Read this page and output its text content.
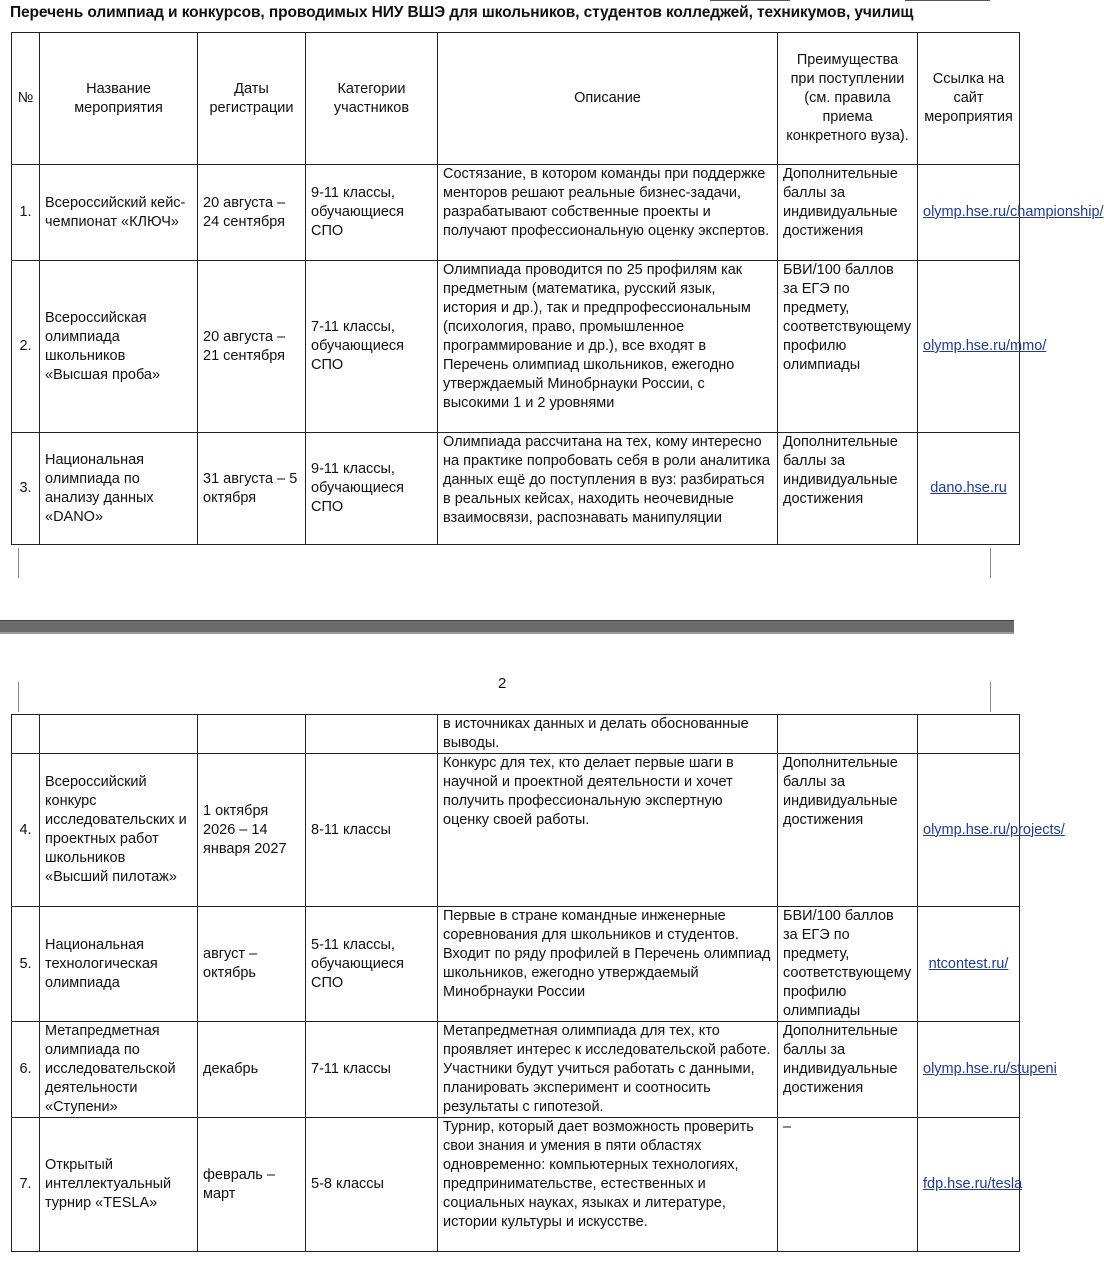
Перечень олимпиад и конкурсов, проводимых НИУ ВШЭ для школьников, студентов колледжей, техникумов, училищ
№	Название мероприятия	Даты регистрации	Категории участников	Описание	Преимущества при поступлении (см. правила приема конкретного вуза).	Ссылка на сайт мероприятия
1.	Всероссийский кейс-чемпионат «КЛЮЧ»	20 августа – 24 сентября	9-11 классы, обучающиеся СПО	Состязание, в котором команды при поддержке менторов решают реальные бизнес-задачи, разрабатывают собственные проекты и получают профессиональную оценку экспертов.	Дополнительные баллы за индивидуальные достижения	olymp.hse.ru/championship/
2.	Всероссийская олимпиада школьников «Высшая проба»	20 августа – 21 сентября	7-11 классы, обучающиеся СПО	Олимпиада проводится по 25 профилям как предметным (математика, русский язык, история и др.), так и предпрофессиональным (психология, право, промышленное программирование и др.), все входят в Перечень олимпиад школьников, ежегодно утверждаемый Минобрнауки России, с высокими 1 и 2 уровнями	БВИ/100 баллов за ЕГЭ по предмету, соответствующему профилю олимпиады	olymp.hse.ru/mmo/
3.	Национальная олимпиада по анализу данных «DANO»	31 августа – 5 октября	9-11 классы, обучающиеся СПО	Олимпиада рассчитана на тех, кому интересно на практике попробовать себя в роли аналитика данных ещё до поступления в вуз: разбираться в реальных кейсах, находить неочевидные взаимосвязи, распознавать манипуляции	Дополнительные баллы за индивидуальные достижения	dano.hse.ru
2
				в источниках данных и делать обоснованные выводы.		
4.	Всероссийский конкурс исследовательских и проектных работ школьников «Высший пилотаж»	1 октября 2026 – 14 января 2027	8-11 классы	Конкурс для тех, кто делает первые шаги в научной и проектной деятельности и хочет получить профессиональную экспертную оценку своей работы.	Дополнительные баллы за индивидуальные достижения	olymp.hse.ru/projects/
5.	Национальная технологическая олимпиада	август – октябрь	5-11 классы, обучающиеся СПО	Первые в стране командные инженерные соревнования для школьников и студентов. Входит по ряду профилей в Перечень олимпиад школьников, ежегодно утверждаемый Минобрнауки России	БВИ/100 баллов за ЕГЭ по предмету, соответствующему профилю олимпиады	ntcontest.ru/
6.	Метапредметная олимпиада по исследовательской деятельности «Ступени»	декабрь	7-11 классы	Метапредметная олимпиада для тех, кто проявляет интерес к исследовательской работе. Участники будут учиться работать с данными, планировать эксперимент и соотносить результаты с гипотезой.	Дополнительные баллы за индивидуальные достижения	olymp.hse.ru/stupeni
7.	Открытый интеллектуальный турнир «TESLA»	февраль – март	5-8 классы	Турнир, который дает возможность проверить свои знания и умения в пяти областях одновременно: компьютерных технологиях, предпринимательстве, естественных и социальных науках, языках и литературе, истории культуры и искусстве.	–	fdp.hse.ru/tesla
